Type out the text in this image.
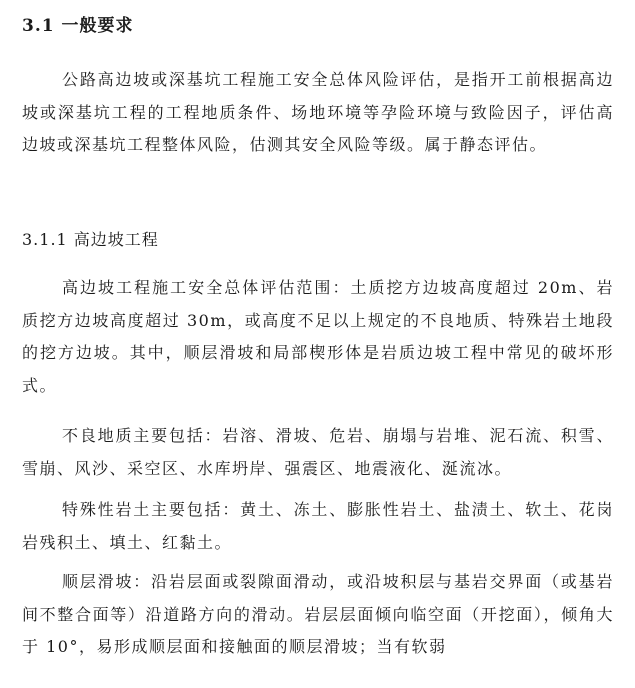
3.1 一般要求

公路高边坡或深基坑工程施工安全总体风险评估，是指开工前根据高边坡或深基坑工程的工程地质条件、场地环境等孕险环境与致险因子，评估高边坡或深基坑工程整体风险，估测其安全风险等级。属于静态评估。

3.1.1 高边坡工程

高边坡工程施工安全总体评估范围：土质挖方边坡高度超过 20m、岩质挖方边坡高度超过 30m，或高度不足以上规定的不良地质、特殊岩土地段的挖方边坡。其中，顺层滑坡和局部楔形体是岩质边坡工程中常见的破坏形式。

不良地质主要包括：岩溶、滑坡、危岩、崩塌与岩堆、泥石流、积雪、雪崩、风沙、采空区、水库坍岸、强震区、地震液化、涎流冰。

特殊性岩土主要包括：黄土、冻土、膨胀性岩土、盐渍土、软土、花岗岩残积土、填土、红黏土。

顺层滑坡：沿岩层面或裂隙面滑动，或沿坡积层与基岩交界面（或基岩间不整合面等）沿道路方向的滑动。岩层层面倾向临空面（开挖面），倾角大于 10°，易形成顺层面和接触面的顺层滑坡；当有软弱
